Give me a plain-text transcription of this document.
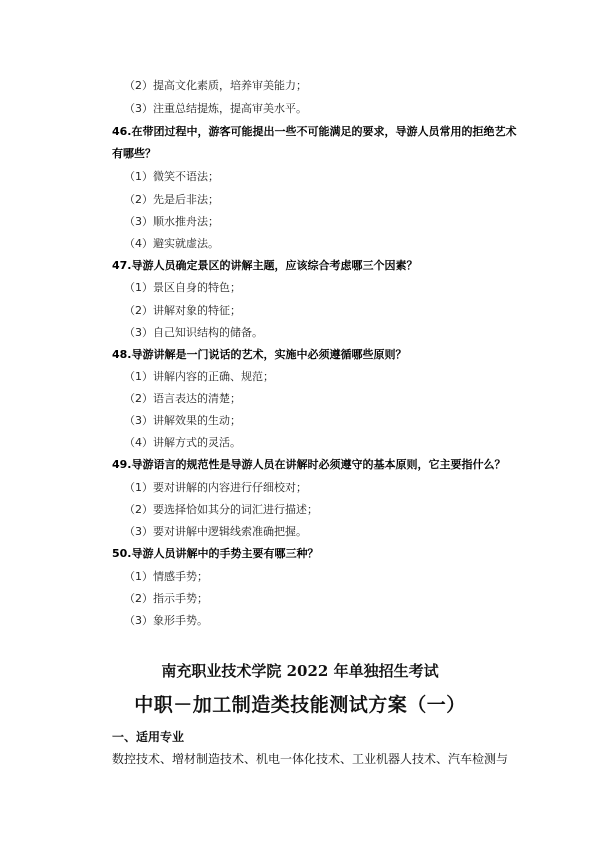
（2）提高文化素质，培养审美能力；
（3）注重总结提炼，提高审美水平。
46.在带团过程中，游客可能提出一些不可能满足的要求，导游人员常用的拒绝艺术
有哪些？
（1）微笑不语法；
（2）先是后非法；
（3）顺水推舟法；
（4）避实就虚法。
47.导游人员确定景区的讲解主题，应该综合考虑哪三个因素？
（1）景区自身的特色；
（2）讲解对象的特征；
（3）自己知识结构的储备。
48.导游讲解是一门说话的艺术，实施中必须遵循哪些原则？
（1）讲解内容的正确、规范；
（2）语言表达的清楚；
（3）讲解效果的生动；
（4）讲解方式的灵活。
49.导游语言的规范性是导游人员在讲解时必须遵守的基本原则，它主要指什么？
（1）要对讲解的内容进行仔细校对；
（2）要选择恰如其分的词汇进行描述；
（3）要对讲解中逻辑线索准确把握。
50.导游人员讲解中的手势主要有哪三种？
（1）情感手势；
（2）指示手势；
（3）象形手势。
南充职业技术学院 2022 年单独招生考试
中职－加工制造类技能测试方案（一）
一、适用专业
数控技术、增材制造技术、机电一体化技术、工业机器人技术、汽车检测与
